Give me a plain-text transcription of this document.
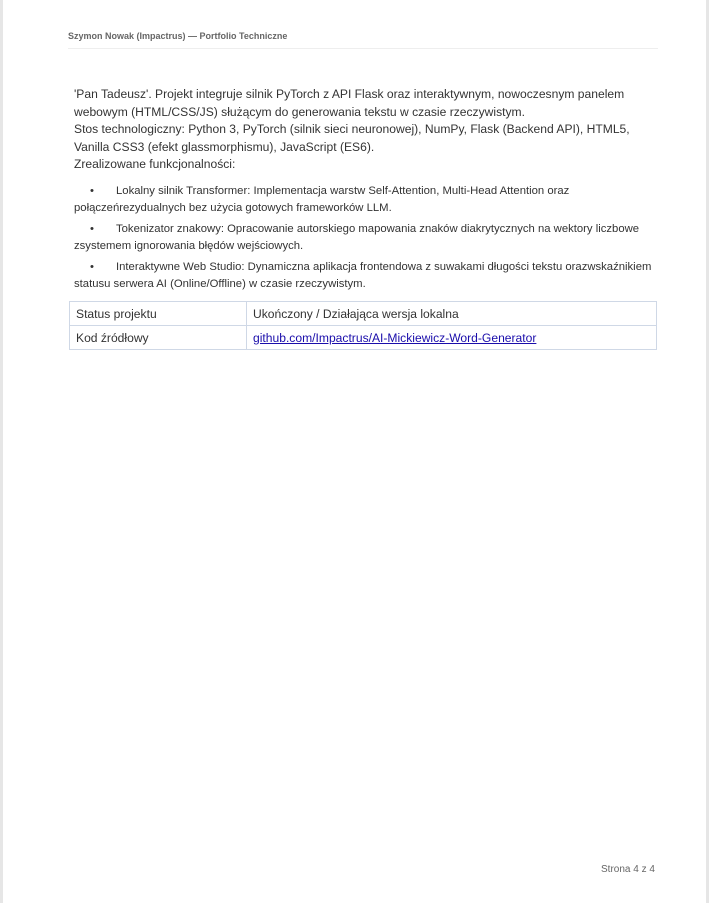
Szymon Nowak (Impactrus) — Portfolio Techniczne

'Pan Tadeusz'. Projekt integruje silnik PyTorch z API Flask oraz interaktywnym, nowoczesnym panelem webowym (HTML/CSS/JS) służącym do generowania tekstu w czasie rzeczywistym.

Stos technologiczny: Python 3, PyTorch (silnik sieci neuronowej), NumPy, Flask (Backend API), HTML5, Vanilla CSS3 (efekt glassmorphismu), JavaScript (ES6).

Zrealizowane funkcjonalności:

• Lokalny silnik Transformer: Implementacja warstw Self-Attention, Multi-Head Attention oraz połączeńrezydualnych bez użycia gotowych frameworków LLM.
• Tokenizator znakowy: Opracowanie autorskiego mapowania znaków diakrytycznych na wektory liczbowe zsystemem ignorowania błędów wejściowych.
• Interaktywne Web Studio: Dynamiczna aplikacja frontendowa z suwakami długości tekstu orazwskaźnikiem statusu serwera AI (Online/Offline) w czasie rzeczywistym.
Status projektu	Ukończony / Działająca wersja lokalna
Kod źródłowy	github.com/Impactrus/AI-Mickiewicz-Word-Generator
Strona 4 z 4
